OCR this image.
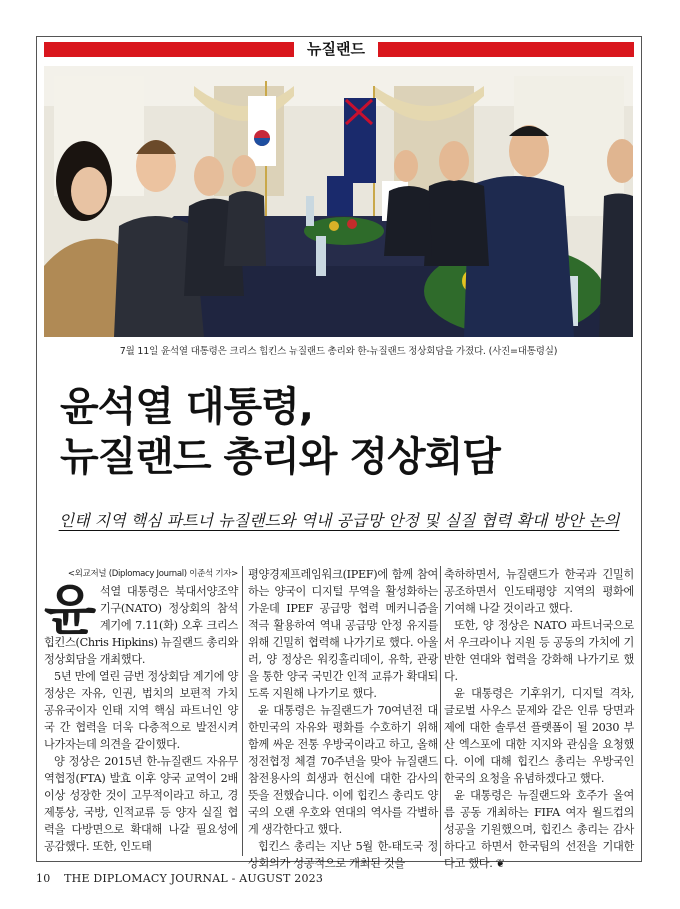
뉴질랜드
7월 11일 윤석열 대통령은 크리스 힙킨스 뉴질랜드 총리와 한-뉴질랜드 정상회담을 가졌다. (사진=대통령실)
윤석열 대통령,
뉴질랜드 총리와 정상회담
인태 지역 핵심 파트너 뉴질랜드와 역내 공급망 안정 및 실질 협력 확대 방안 논의

<외교저널 (Diplomacy Journal) 이준석 기자>

윤석열 대통령은 북대서양조약기구(NATO) 정상회의 참석 계기에 7.11(화) 오후 크리스 힙킨스(Chris Hipkins) 뉴질랜드 총리와 정상회담을 개최했다.

5년 만에 열린 금번 정상회담 계기에 양 정상은 자유, 인권, 법치의 보편적 가치 공유국이자 인태 지역 핵심 파트너인 양국 간 협력을 더욱 다층적으로 발전시켜 나가자는데 의견을 같이했다.

양 정상은 2015년 한-뉴질랜드 자유무역협정(FTA) 발효 이후 양국 교역이 2배 이상 성장한 것이 고무적이라고 하고, 경제통상, 국방, 인적교류 등 양자 실질 협력을 다방면으로 확대해 나갈 필요성에 공감했다. 또한, 인도태

평양경제프레임워크(IPEF)에 함께 참여하는 양국이 디지털 무역을 활성화하는 가운데 IPEF 공급망 협력 메커니즘을 적극 활용하여 역내 공급망 안정 유지를 위해 긴밀히 협력해 나가기로 했다. 아울러, 양 정상은 워킹홀리데이, 유학, 관광을 통한 양국 국민간 인적 교류가 확대되도록 지원해 나가기로 했다.

윤 대통령은 뉴질랜드가 70여년전 대한민국의 자유와 평화를 수호하기 위해 함께 싸운 전통 우방국이라고 하고, 올해 정전협정 체결 70주년을 맞아 뉴질랜드 참전용사의 희생과 헌신에 대한 감사의 뜻을 전했습니다. 이에 힙킨스 총리도 양국의 오랜 우호와 연대의 역사를 각별하게 생각한다고 했다.

힙킨스 총리는 지난 5월 한-태도국 정상회의가 성공적으로 개최된 것을

축하하면서, 뉴질랜드가 한국과 긴밀히 공조하면서 인도태평양 지역의 평화에 기여해 나갈 것이라고 했다.

또한, 양 정상은 NATO 파트너국으로서 우크라이나 지원 등 공동의 가치에 기반한 연대와 협력을 강화해 나가기로 했다.

윤 대통령은 기후위기, 디지털 격차, 글로벌 사우스 문제와 같은 인류 당면과제에 대한 솔루션 플랫폼이 될 2030 부산 엑스포에 대한 지지와 관심을 요청했다. 이에 대해 힙킨스 총리는 우방국인 한국의 요청을 유념하겠다고 했다.

윤 대통령은 뉴질랜드와 호주가 올여름 공동 개최하는 FIFA 여자 월드컵의 성공을 기원했으며, 힙킨스 총리는 감사하다고 하면서 한국팀의 선전을 기대한다고 했다. ❦

10 THE DIPLOMACY JOURNAL - AUGUST 2023
